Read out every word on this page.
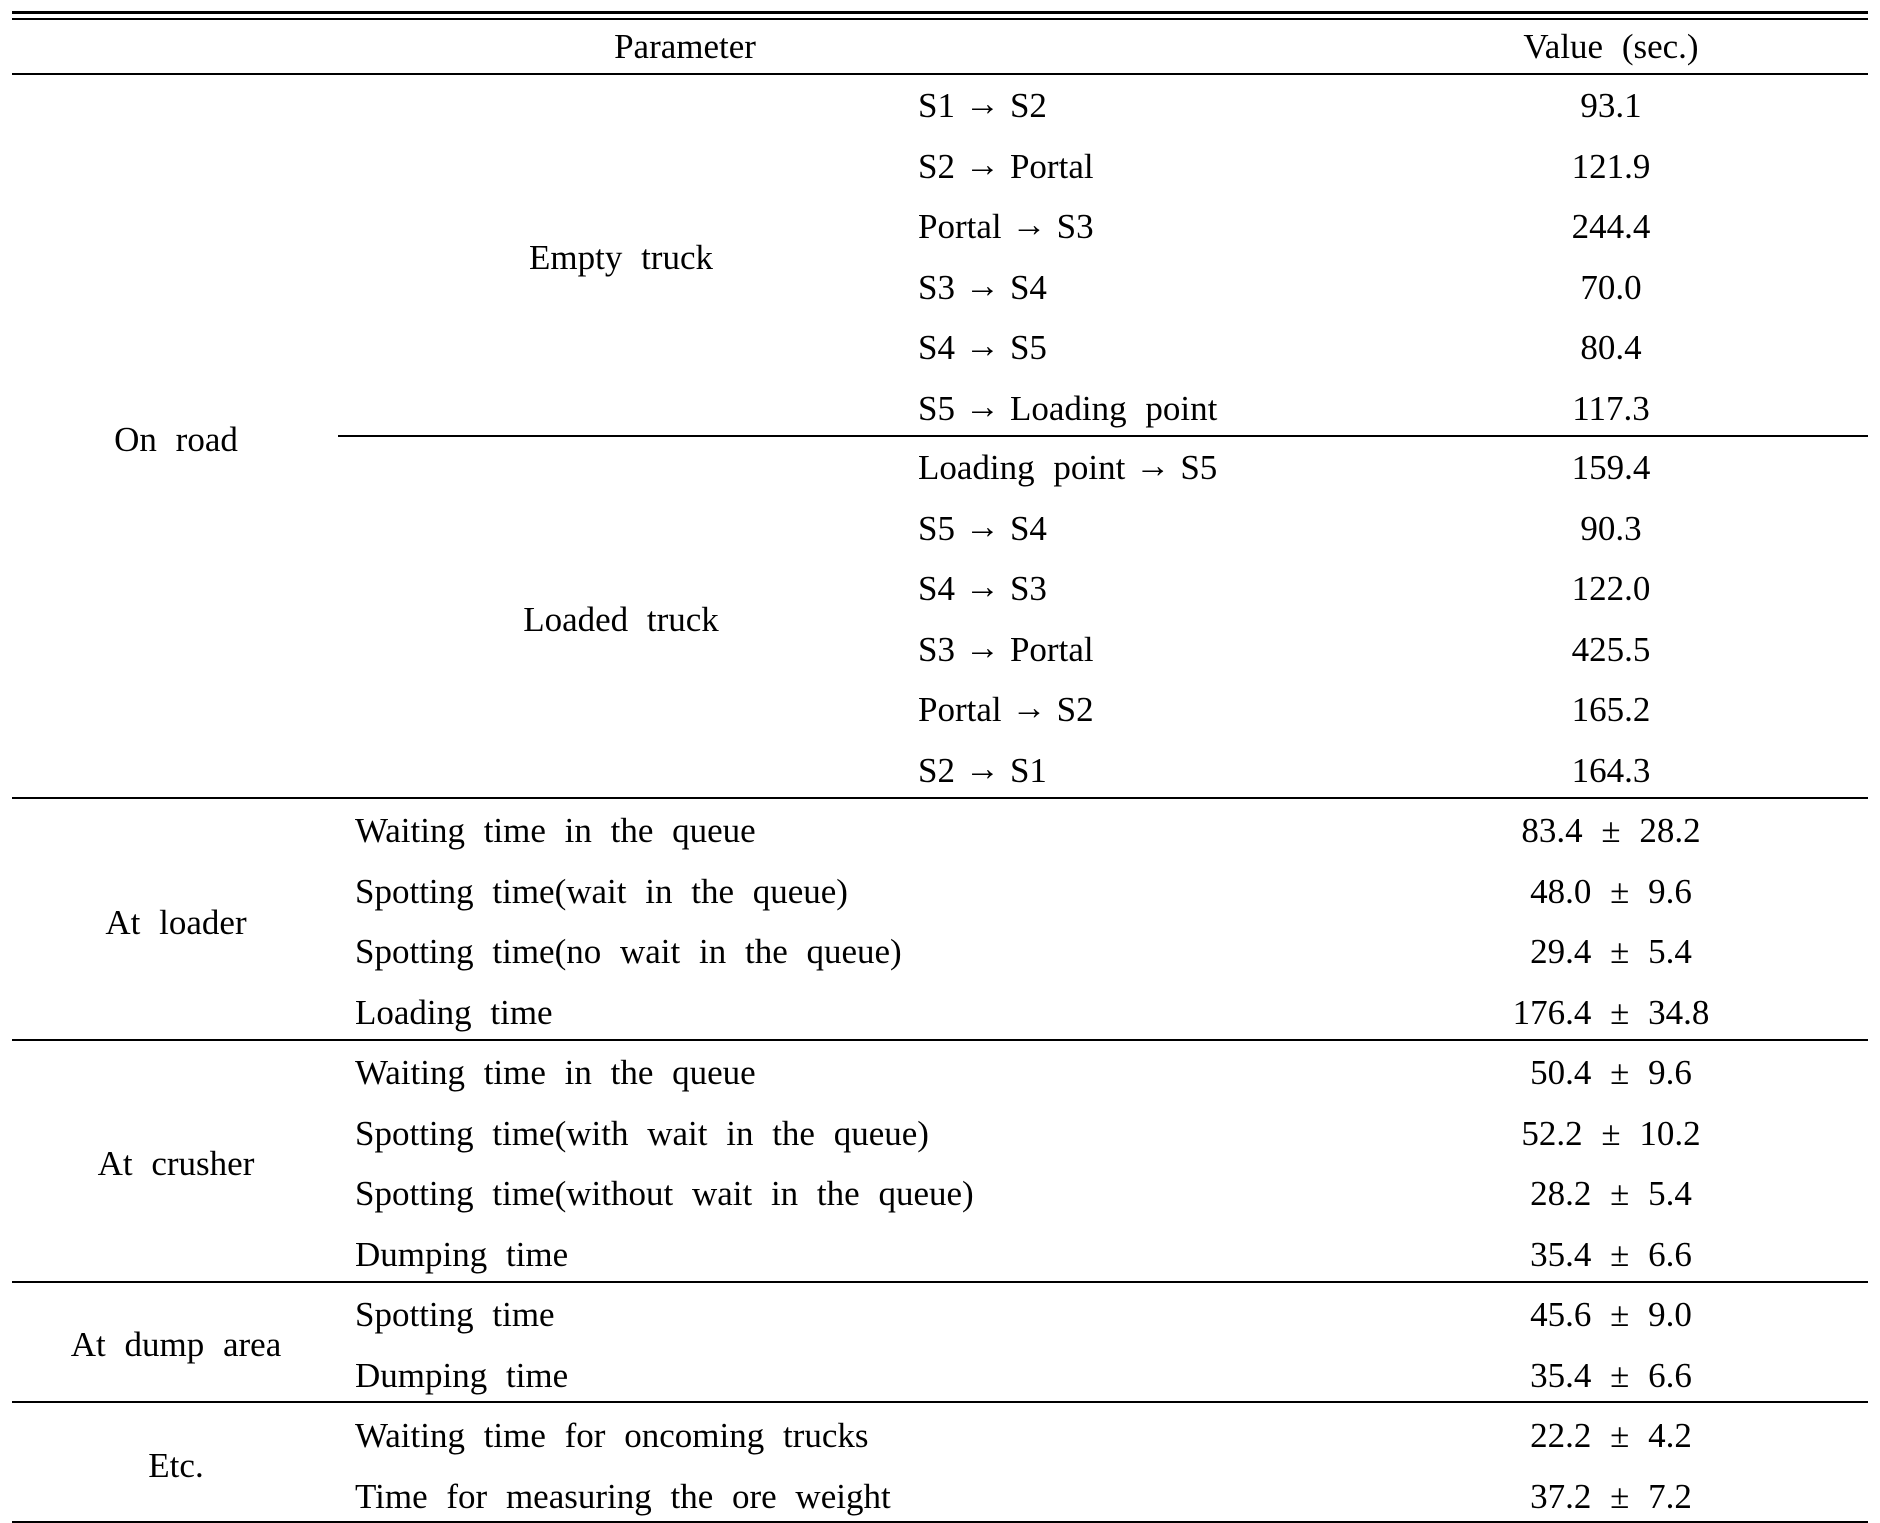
Parameter	Value (sec.)
On road
Empty truck
S1 → S2	93.1
S2 → Portal	121.9
Portal → S3	244.4
S3 → S4	70.0
S4 → S5	80.4
S5 → Loading point	117.3
Loaded truck
Loading point → S5	159.4
S5 → S4	90.3
S4 → S3	122.0
S3 → Portal	425.5
Portal → S2	165.2
S2 → S1	164.3
At loader
Waiting time in the queue	83.4 ± 28.2
Spotting time(wait in the queue)	48.0 ± 9.6
Spotting time(no wait in the queue)	29.4 ± 5.4
Loading time	176.4 ± 34.8
At crusher
Waiting time in the queue	50.4 ± 9.6
Spotting time(with wait in the queue)	52.2 ± 10.2
Spotting time(without wait in the queue)	28.2 ± 5.4
Dumping time	35.4 ± 6.6
At dump area
Spotting time	45.6 ± 9.0
Dumping time	35.4 ± 6.6
Etc.
Waiting time for oncoming trucks	22.2 ± 4.2
Time for measuring the ore weight	37.2 ± 7.2
